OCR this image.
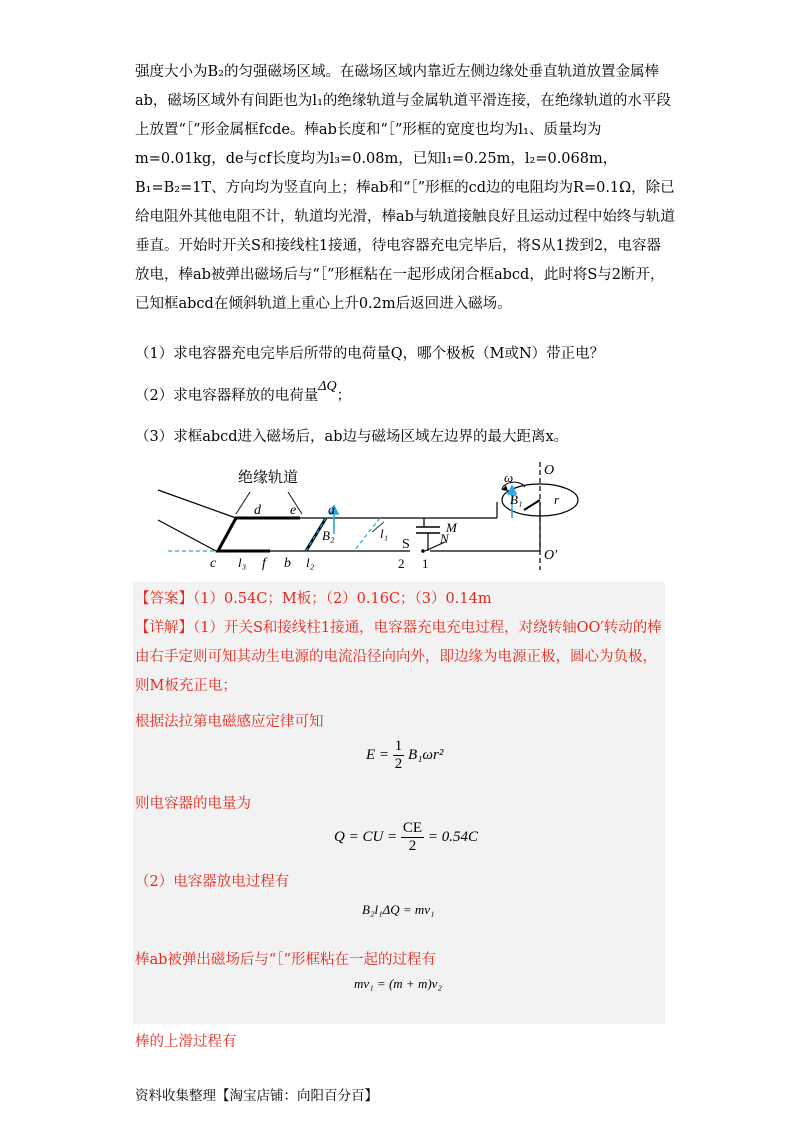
强度大小为B₂的匀强磁场区域。在磁场区域内靠近左侧边缘处垂直轨道放置金属棒ab，磁场区域外有间距也为l₁的绝缘轨道与金属轨道平滑连接，在绝缘轨道的水平段上放置“［”形金属框fcde。棒ab长度和“［”形框的宽度也均为l₁、质量均为m=0.01kg，de与cf长度均为l₃=0.08m，已知l₁=0.25m，l₂=0.068m，B₁=B₂=1T、方向均为竖直向上；棒ab和“［”形框的cd边的电阻均为R=0.1Ω，除已给电阻外其他电阻不计，轨道均光滑，棒ab与轨道接触良好且运动过程中始终与轨道垂直。开始时开关S和接线柱1接通，待电容器充电完毕后，将S从1拨到2，电容器放电，棒ab被弹出磁场后与“［”形框粘在一起形成闭合框abcd，此时将S与2断开，已知框abcd在倾斜轨道上重心上升0.2m后返回进入磁场。
（1）求电容器充电完毕后所带的电荷量Q，哪个极板（M或N）带正电？
（2）求电容器释放的电荷量ΔQ；
（3）求框abcd进入磁场后，ab边与磁场区域左边界的最大距离x。
绝缘轨道
d e a
c l₃ f b l₂
l₁
B₂
B₁
ω
r
O
O′
S
M
N
2 1
【答案】（1）0.54C；M板；（2）0.16C；（3）0.14m
【详解】（1）开关S和接线柱1接通，电容器充电充电过程，对绕转轴OO′转动的棒由右手定则可知其动生电源的电流沿径向向外，即边缘为电源正极，圆心为负极，则M板充正电；
根据法拉第电磁感应定律可知
$E = \frac{1}{2} B_1\omega r^2$
则电容器的电量为
Q = CU = $\frac{CE}{2} = 0.54C$
（2）电容器放电过程有
B₂l₁ΔQ = mv₁
棒ab被弹出磁场后与“［”形框粘在一起的过程有
mv₁ = (m + m)v₂
棒的上滑过程有
资料收集整理【淘宝店铺：向阳百分百】
